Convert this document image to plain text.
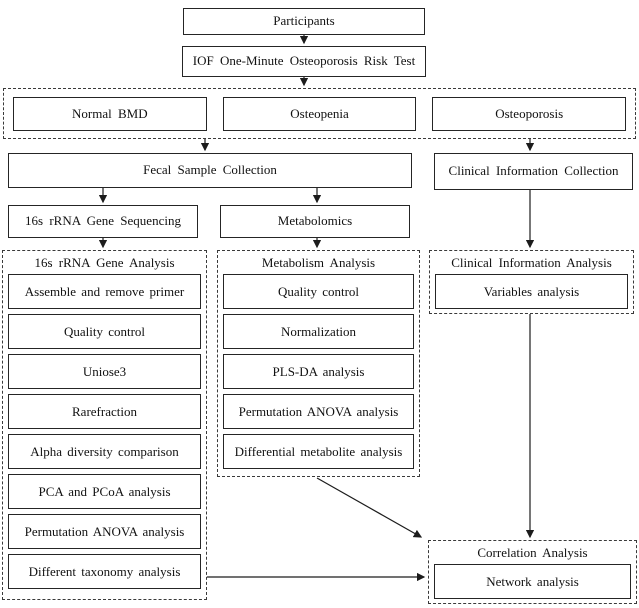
Participants
IOF One-Minute Osteoporosis Risk Test
Normal BMD	Osteopenia	Osteoporosis
Fecal Sample Collection	Clinical Information Collection
16s rRNA Gene Sequencing	Metabolomics
16s rRNA Gene Analysis
Assemble and remove primer
Quality control
Uniose3
Rarefraction
Alpha diversity comparison
PCA and PCoA analysis
Permutation ANOVA analysis
Different taxonomy analysis
Metabolism Analysis
Quality control
Normalization
PLS-DA analysis
Permutation ANOVA analysis
Differential metabolite analysis
Clinical Information Analysis
Variables analysis
Correlation Analysis
Network analysis
